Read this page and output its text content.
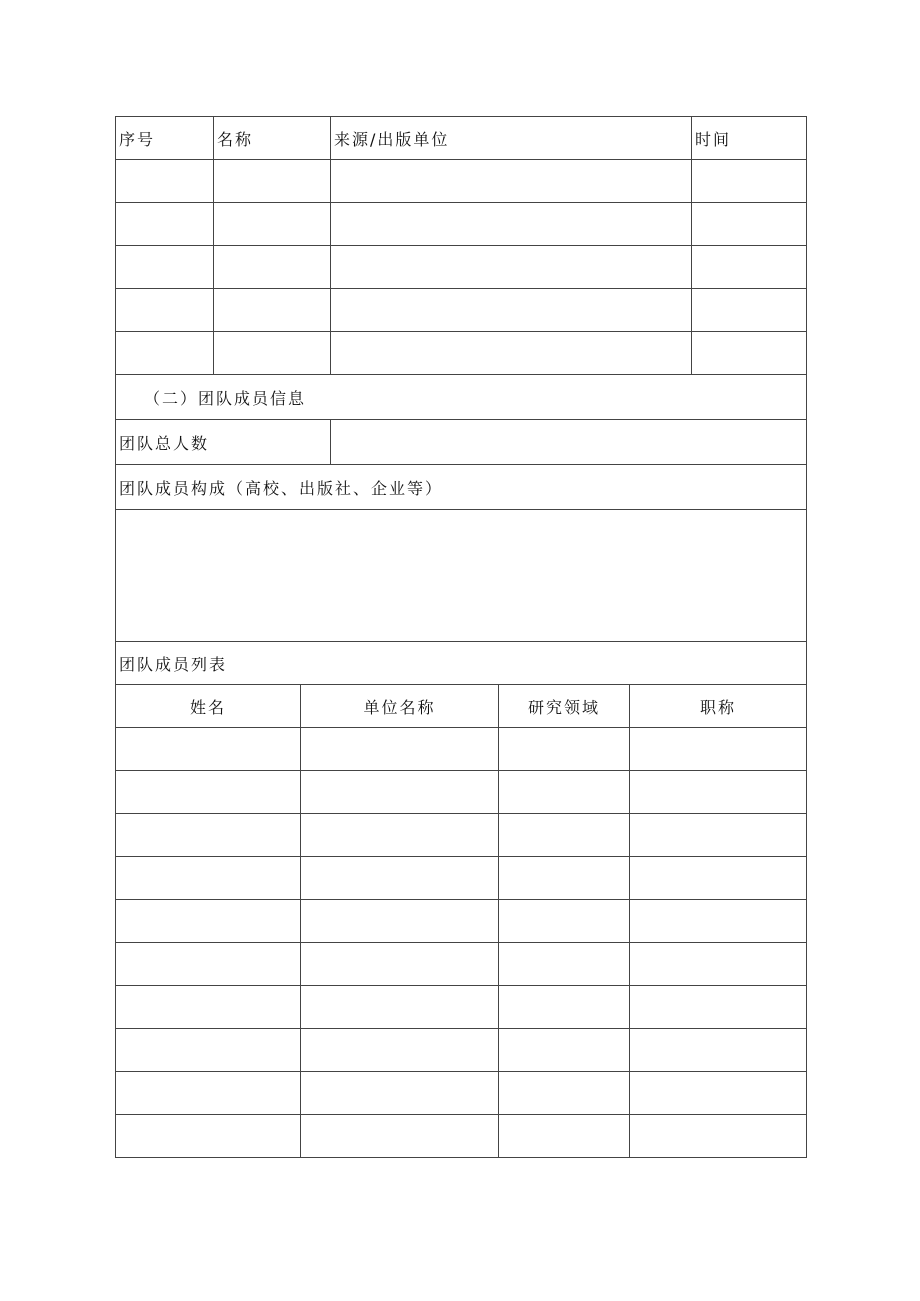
序号	名称	来源/出版单位	时间

（二）团队成员信息			
团队总人数			
团队成员构成（高校、出版社、企业等）			

团队成员列表			
姓名	单位名称	研究领域	职称
